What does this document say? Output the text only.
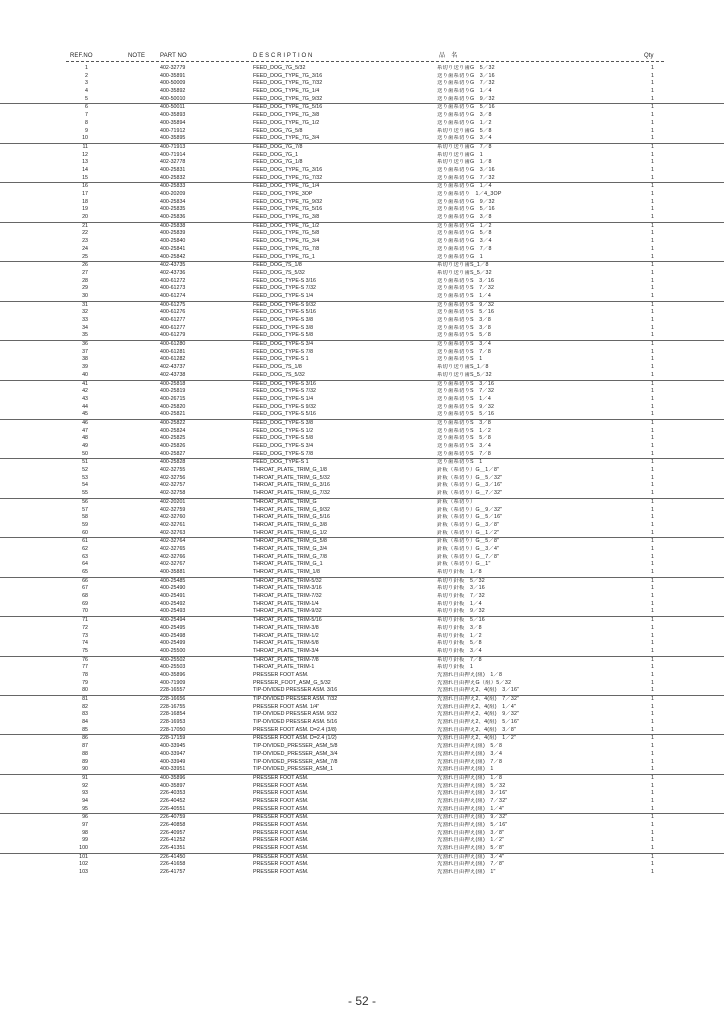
REF.NO	NOTE PART NO	D E S C R I P T I O N	品　名	Qty
1	402-32779	FEED_DOG_7G_5/32	糸切り送り歯G　5／32	1
2	400-35891	FEED_DOG_TYPE_7G_3/16	送り歯糸切りG　3／16	1
3	400-50009	FEED_DOG_TYPE_7G_7/32	送り歯糸切りG　7／32	1
4	400-35892	FEED_DOG_TYPE_7G_1/4	送り歯糸切りG　1／4	1
5	400-50010	FEED_DOG_TYPE_7G_9/32	送り歯糸切りG　9／32	1
6	400-50011	FEED_DOG_TYPE_7G_5/16	送り歯糸切りG　5／16	1
7	400-35893	FEED_DOG_TYPE_7G_3/8	送り歯糸切りG　3／8	1
8	400-35894	FEED_DOG_TYPE_7G_1/2	送り歯糸切りG　1／2	1
9	400-71912	FEED_DOG_7G_5/8	糸切り送り歯G　5／8	1
10	400-35895	FEED_DOG_TYPE_7G_3/4	送り歯糸切りG　3／4	1
11	400-71913	FEED_DOG_7G_7/8	糸切り送り歯G　7／8	1
12	400-71914	FEED_DOG_7G_1	糸切り送り歯G　1	1
13	402-32778	FEED_DOG_7G_1/8	糸切り送り歯G　1／8	1
14	400-25831	FEED_DOG_TYPE_7G_3/16	送り歯糸切りG　3／16	1
15	400-25832	FEED_DOG_TYPE_7G_7/32	送り歯糸切りG　7／32	1
16	400-25833	FEED_DOG_TYPE_7G_1/4	送り歯糸切りG　1／4	1
17	400-20209	FEED_DOG_TYPE_3OP	送り歯糸切り　1／4_3OP	1
18	400-25834	FEED_DOG_TYPE_7G_9/32	送り歯糸切りG　9／32	1
19	400-25835	FEED_DOG_TYPE_7G_5/16	送り歯糸切りG　5／16	1
20	400-25836	FEED_DOG_TYPE_7G_3/8	送り歯糸切りG　3／8	1
21	400-25838	FEED_DOG_TYPE_7G_1/2	送り歯糸切りG　1／2	1
22	400-25839	FEED_DOG_TYPE_7G_5/8	送り歯糸切りG　5／8	1
23	400-25840	FEED_DOG_TYPE_7G_3/4	送り歯糸切りG　3／4	1
24	400-25841	FEED_DOG_TYPE_7G_7/8	送り歯糸切りG　7／8	1
25	400-25842	FEED_DOG_TYPE_7G_1	送り歯糸切りG　1	1
26	402-43735	FEED_DOG_7S_1/8	糸切り送り歯S_1／8	1
27	402-43736	FEED_DOG_7S_5/32	糸切り送り歯S_5／32	1
28	400-61272	FEED_DOG_TYPE-S 3/16	送り歯糸切りS　3／16	1
29	400-61273	FEED_DOG_TYPE-S 7/32	送り歯糸切りS　7／32	1
30	400-61274	FEED_DOG_TYPE-S 1/4	送り歯糸切りS　1／4	1
31	400-61275	FEED_DOG_TYPE-S 9/32	送り歯糸切りS　9／32	1
32	400-61276	FEED_DOG_TYPE-S 5/16	送り歯糸切りS　5／16	1
33	400-61277	FEED_DOG_TYPE-S 3/8	送り歯糸切りS　3／8	1
34	400-61277	FEED_DOG_TYPE-S 3/8	送り歯糸切りS　3／8	1
35	400-61279	FEED_DOG_TYPE-S 5/8	送り歯糸切りS　5／8	1
36	400-61280	FEED_DOG_TYPE-S 3/4	送り歯糸切りS　3／4	1
37	400-61281	FEED_DOG_TYPE-S 7/8	送り歯糸切りS　7／8	1
38	400-61282	FEED_DOG_TYPE-S 1	送り歯糸切りS　1	1
39	402-43737	FEED_DOG_7S_1/8	糸切り送り歯S_1／8	1
40	402-43738	FEED_DOG_7S_5/32	糸切り送り歯S_5／32	1
41	400-25818	FEED_DOG_TYPE-S 3/16	送り歯糸切りS　3／16	1
42	400-25819	FEED_DOG_TYPE-S 7/32	送り歯糸切りS　7／32	1
43	400-26715	FEED_DOG_TYPE-S 1/4	送り歯糸切りS　1／4	1
44	400-25820	FEED_DOG_TYPE-S 9/32	送り歯糸切りS　9／32	1
45	400-25821	FEED_DOG_TYPE-S 5/16	送り歯糸切りS　5／16	1
46	400-25822	FEED_DOG_TYPE-S 3/8	送り歯糸切りS　3／8	1
47	400-25824	FEED_DOG_TYPE-S 1/2	送り歯糸切りS　1／2	1
48	400-25825	FEED_DOG_TYPE-S 5/8	送り歯糸切りS　5／8	1
49	400-25826	FEED_DOG_TYPE-S 3/4	送り歯糸切りS　3／4	1
50	400-25827	FEED_DOG_TYPE-S 7/8	送り歯糸切りS　7／8	1
51	400-25828	FEED_DOG_TYPE-S 1	送り歯糸切りS　1	1
52	402-32755	THROAT_PLATE_TRIM_G_1/8	針板（糸切り）G＿1／8"	1
53	402-32756	THROAT_PLATE_TRIM_G_5/32	針板（糸切り）G＿5／32"	1
54	402-32757	THROAT_PLATE_TRIM_G_3/16	針板（糸切り）G＿3／16"	1
55	402-32758	THROAT_PLATE_TRIM_G_7/32	針板（糸切り）G＿7／32"	1
56	402-20201	THROAT_PLATE_TRIM_G	針板（糸切り）	1
57	402-32759	THROAT_PLATE_TRIM_G_9/32	針板（糸切り）G＿9／32"	1
58	402-32760	THROAT_PLATE_TRIM_G_5/16	針板（糸切り）G＿5／16"	1
59	402-32761	THROAT_PLATE_TRIM_G_3/8	針板（糸切り）G＿3／8"	1
60	402-32763	THROAT_PLATE_TRIM_G_1/2	針板（糸切り）G＿1／2"	1
61	402-32764	THROAT_PLATE_TRIM_G_5/8	針板（糸切り）G＿5／8"	1
62	402-32765	THROAT_PLATE_TRIM_G_3/4	針板（糸切り）G＿3／4"	1
63	402-32766	THROAT_PLATE_TRIM_G_7/8	針板（糸切り）G＿7／8"	1
64	402-32767	THROAT_PLATE_TRIM_G_1	針板（糸切り）G＿1"	1
65	400-35881	THROAT_PLATE_TRIM_1/8	糸切り針板　1／8	1
66	400-25485	THROAT_PLATE_TRIM-5/32	糸切り針板　5／32	1
67	400-25490	THROAT_PLATE_TRIM-3/16	糸切り針板　3／16	1
68	400-25491	THROAT_PLATE_TRIM-7/32	糸切り針板　7／32	1
69	400-25492	THROAT_PLATE_TRIM-1/4	糸切り針板　1／4	1
70	400-25493	THROAT_PLATE_TRIM-9/32	糸切り針板　9／32	1
71	400-25494	THROAT_PLATE_TRIM-5/16	糸切り針板　5／16	1
72	400-25495	THROAT_PLATE_TRIM-3/8	糸切り針板　3／8	1
73	400-25498	THROAT_PLATE_TRIM-1/2	糸切り針板　1／2	1
74	400-25499	THROAT_PLATE_TRIM-5/8	糸切り針板　5／8	1
75	400-25500	THROAT_PLATE_TRIM-3/4	糸切り針板　3／4	1
76	400-25502	THROAT_PLATE_TRIM-7/8	糸切り針板　7／8	1
77	400-25503	THROAT_PLATE_TRIM-1	糸切り針板　1	1
78	400-35896	PRESSER FOOT ASM.	先割れ自由押え(組)　1／8	1
79	400-71909	PRESSER_FOOT_ASM_G_5/32	先割れ自由押えG（組）5／32	1
80	228-16557	TIP-DIVIDED PRESSER ASM. 3/16	先割れ自由押え2、4(組)　3／16"	1
81	228-16656	TIP-DIVIDED PRESSER ASM. 7/32	先割れ自由押え2、4(組)　7／32"	1
82	228-16755	PRESSER FOOT ASM. 1/4"	先割れ自由押え2、4(組)　1／4"	1
83	228-16854	TIP-DIVIDED PRESSER ASM. 9/32	先割れ自由押え2、4(組)　9／32"	1
84	228-16953	TIP-DIVIDED PRESSER ASM. 5/16	先割れ自由押え2、4(組)　5／16"	1
85	228-17050	PRESSER FOOT ASM. D=2.4 (3/8)	先割れ自由押え2、4(組)　3／8"	1
86	228-17159	PRESSER FOOT ASM. D=2.4 (1/2)	先割れ自由押え2、4(組)　1／2"	1
87	400-33945	TIP-DIVIDED_PRESSER_ASM_5/8	先割れ自由押え(組)　5／8	1
88	400-33947	TIP-DIVIDED_PRESSER_ASM_3/4	先割れ自由押え(組)　3／4	1
89	400-33949	TIP-DIVIDED_PRESSER_ASM_7/8	先割れ自由押え(組)　7／8	1
90	400-33951	TIP-DIVIDED_PRESSER_ASM_1	先割れ自由押え(組)　1	1
91	400-35896	PRESSER FOOT ASM.	先割れ自由押え(組)　1／8	1
92	400-35897	PRESSER FOOT ASM.	先割れ自由押え(組)　5／32	1
93	226-40353	PRESSER FOOT ASM.	先割れ自由押え(組)　3／16"	1
94	226-40452	PRESSER FOOT ASM.	先割れ自由押え(組)　7／32"	1
95	226-40551	PRESSER FOOT ASM.	先割れ自由押え(組)　1／4"	1
96	226-40759	PRESSER FOOT ASM.	先割れ自由押え(組)　9／32"	1
97	226-40858	PRESSER FOOT ASM.	先割れ自由押え(組)　5／16"	1
98	226-40957	PRESSER FOOT ASM.	先割れ自由押え(組)　3／8"	1
99	226-41252	PRESSER FOOT ASM.	先割れ自由押え(組)　1／2"	1
100	226-41351	PRESSER FOOT ASM.	先割れ自由押え(組)　5／8"	1
101	226-41450	PRESSER FOOT ASM.	先割れ自由押え(組)　3／4"	1
102	226-41658	PRESSER FOOT ASM.	先割れ自由押え(組)　7／8"	1
103	226-41757	PRESSER FOOT ASM.	先割れ自由押え(組)　1"	1
- 52 -
